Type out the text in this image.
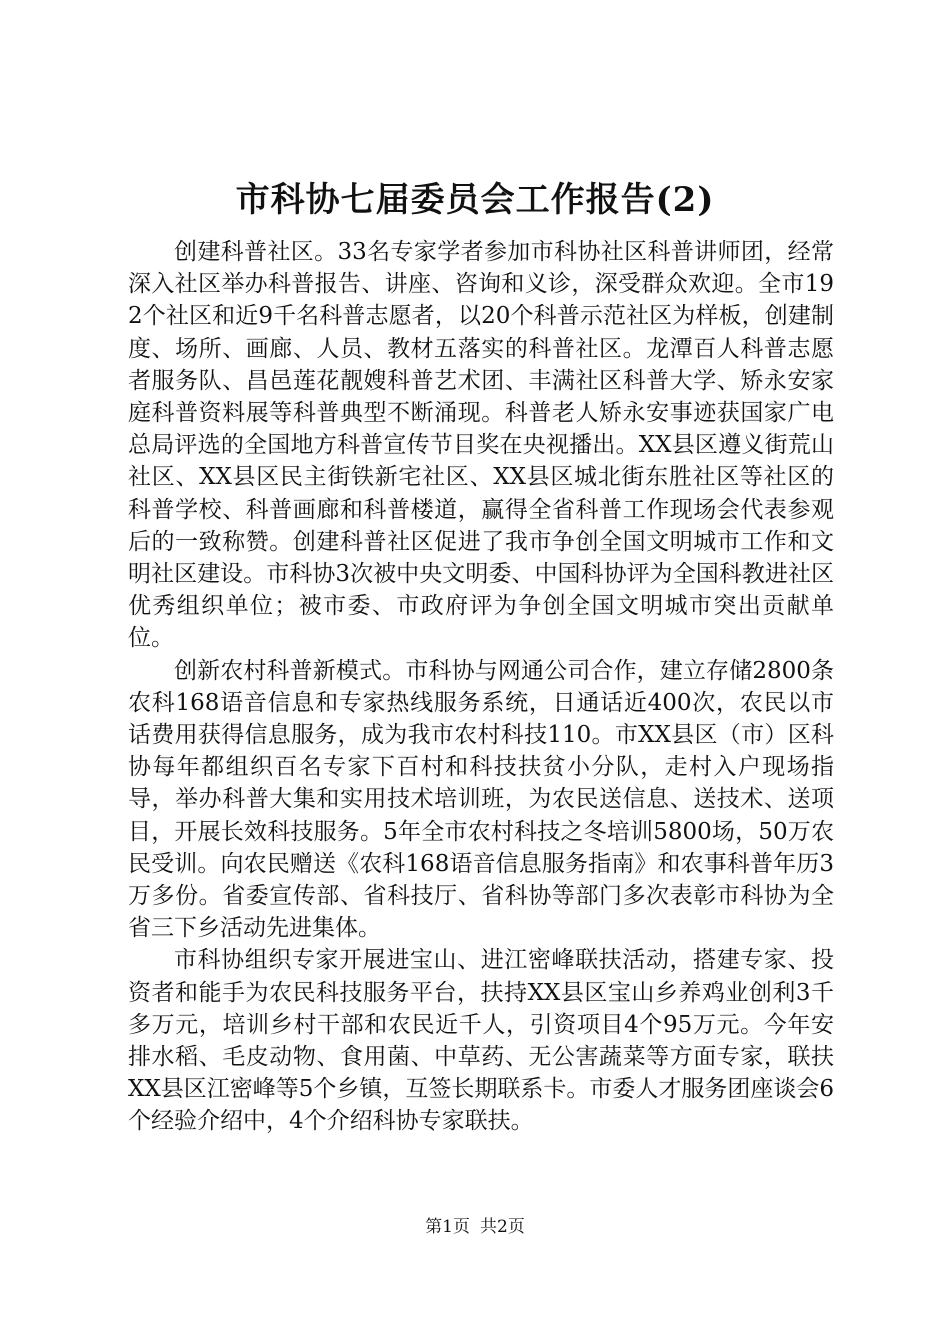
市科协七届委员会工作报告(2)

创建科普社区。33名专家学者参加市科协社区科普讲师团，经常深入社区举办科普报告、讲座、咨询和义诊，深受群众欢迎。全市192个社区和近9千名科普志愿者，以20个科普示范社区为样板，创建制度、场所、画廊、人员、教材五落实的科普社区。龙潭百人科普志愿者服务队、昌邑莲花靓嫂科普艺术团、丰满社区科普大学、矫永安家庭科普资料展等科普典型不断涌现。科普老人矫永安事迹获国家广电总局评选的全国地方科普宣传节目奖在央视播出。XX县区遵义街荒山社区、XX县区民主街铁新宅社区、XX县区城北街东胜社区等社区的科普学校、科普画廊和科普楼道，赢得全省科普工作现场会代表参观后的一致称赞。创建科普社区促进了我市争创全国文明城市工作和文明社区建设。市科协3次被中央文明委、中国科协评为全国科教进社区优秀组织单位；被市委、市政府评为争创全国文明城市突出贡献单位。

创新农村科普新模式。市科协与网通公司合作，建立存储2800条农科168语音信息和专家热线服务系统，日通话近400次，农民以市话费用获得信息服务，成为我市农村科技110。市XX县区（市）区科协每年都组织百名专家下百村和科技扶贫小分队，走村入户现场指导，举办科普大集和实用技术培训班，为农民送信息、送技术、送项目，开展长效科技服务。5年全市农村科技之冬培训5800场，50万农民受训。向农民赠送《农科168语音信息服务指南》和农事科普年历3万多份。省委宣传部、省科技厅、省科协等部门多次表彰市科协为全省三下乡活动先进集体。

市科协组织专家开展进宝山、进江密峰联扶活动，搭建专家、投资者和能手为农民科技服务平台，扶持XX县区宝山乡养鸡业创利3千多万元，培训乡村干部和农民近千人，引资项目4个95万元。今年安排水稻、毛皮动物、食用菌、中草药、无公害蔬菜等方面专家，联扶XX县区江密峰等5个乡镇，互签长期联系卡。市委人才服务团座谈会6个经验介绍中，4个介绍科协专家联扶。

第1页 共2页
